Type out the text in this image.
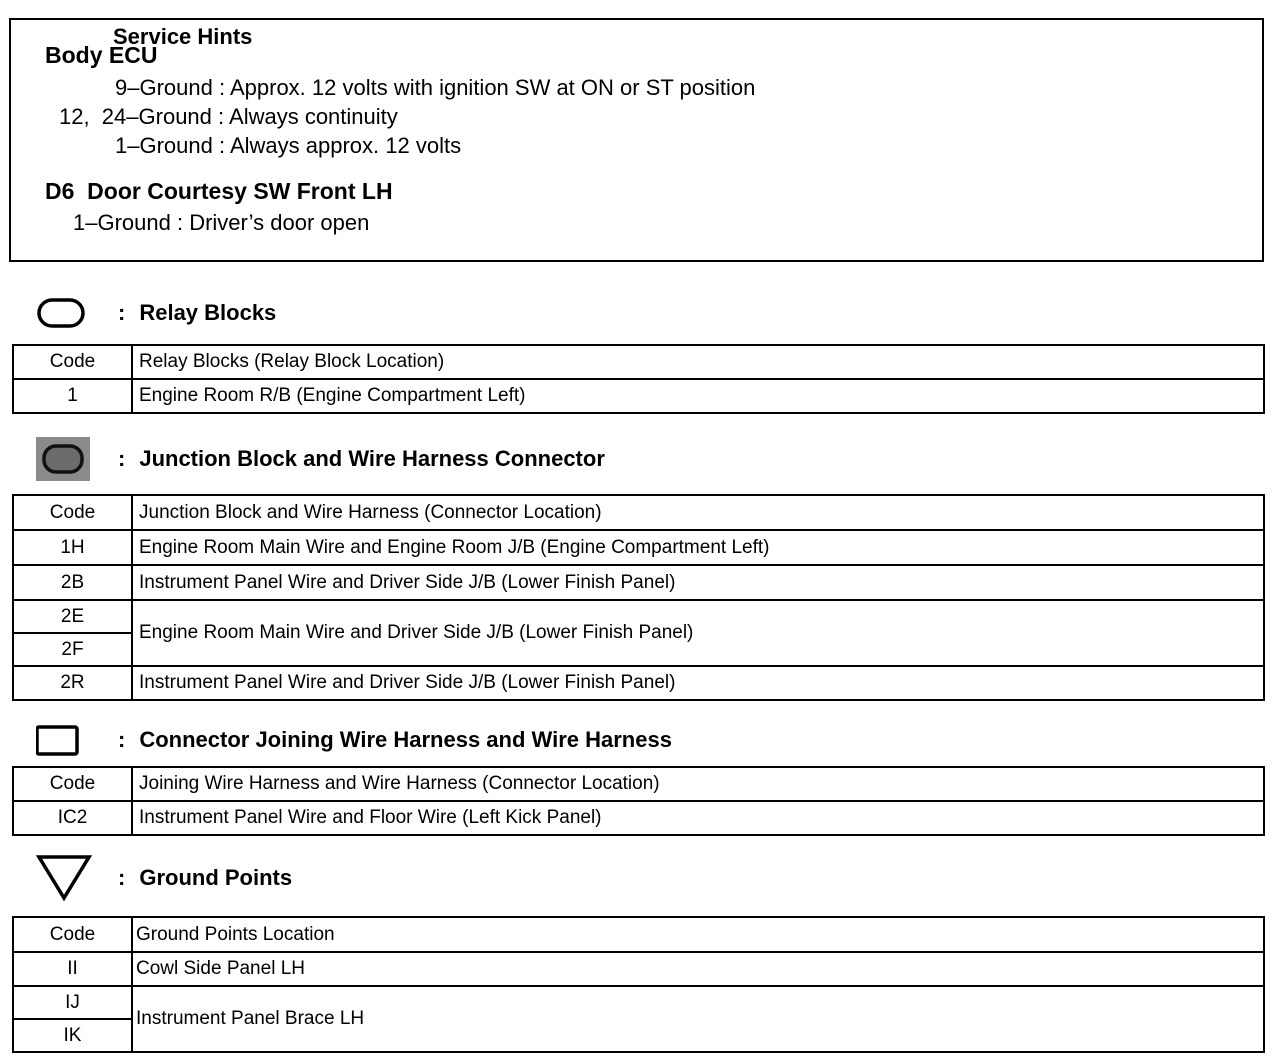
Service Hints
Body ECU
9–Ground : Approx. 12 volts with ignition SW at ON or ST position
12,  24–Ground : Always continuity
1–Ground : Always approx. 12 volts
D6  Door Courtesy SW Front LH
1–Ground : Driver’s door open
: Relay Blocks
Code	Relay Blocks (Relay Block Location)
1	Engine Room R/B (Engine Compartment Left)
: Junction Block and Wire Harness Connector
Code	Junction Block and Wire Harness (Connector Location)
1H	Engine Room Main Wire and Engine Room J/B (Engine Compartment Left)
2B	Instrument Panel Wire and Driver Side J/B (Lower Finish Panel)
2E	Engine Room Main Wire and Driver Side J/B (Lower Finish Panel)
2F	
2R	Instrument Panel Wire and Driver Side J/B (Lower Finish Panel)
: Connector Joining Wire Harness and Wire Harness
Code	Joining Wire Harness and Wire Harness (Connector Location)
IC2	Instrument Panel Wire and Floor Wire (Left Kick Panel)
: Ground Points
Code	Ground Points Location
II	Cowl Side Panel LH
IJ	Instrument Panel Brace LH
IK	
